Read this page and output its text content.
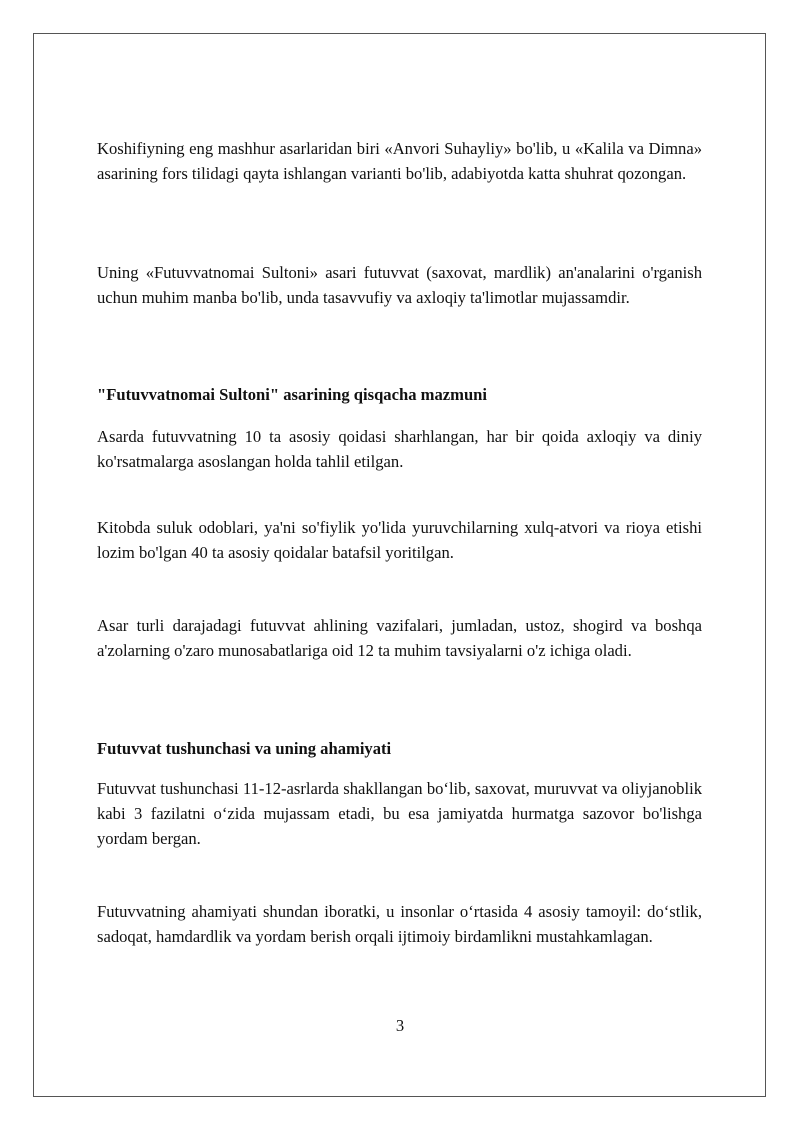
Koshifiyning eng mashhur asarlaridan biri «Anvori Suhayliy» bo'lib, u «Kalila va Dimna» asarining fors tilidagi qayta ishlangan varianti bo'lib, adabiyotda katta shuhrat qozongan.

Uning «Futuvvatnomai Sultoni» asari futuvvat (saxovat, mardlik) an'analarini o'rganish uchun muhim manba bo'lib, unda tasavvufiy va axloqiy ta'limotlar mujassamdir.

"Futuvvatnomai Sultoni" asarining qisqacha mazmuni

Asarda futuvvatning 10 ta asosiy qoidasi sharhlangan, har bir qoida axloqiy va diniy ko'rsatmalarga asoslangan holda tahlil etilgan.

Kitobda suluk odoblari, ya'ni so'fiylik yo'lida yuruvchilarning xulq-atvori va rioya etishi lozim bo'lgan 40 ta asosiy qoidalar batafsil yoritilgan.

Asar turli darajadagi futuvvat ahlining vazifalari, jumladan, ustoz, shogird va boshqa a'zolarning o'zaro munosabatlariga oid 12 ta muhim tavsiyalarni o'z ichiga oladi.

Futuvvat tushunchasi va uning ahamiyati

Futuvvat tushunchasi 11-12-asrlarda shakllangan bo‘lib, saxovat, muruvvat va oliyjanoblik kabi 3 fazilatni o‘zida mujassam etadi, bu esa jamiyatda hurmatga sazovor bo'lishga yordam bergan.

Futuvvatning ahamiyati shundan iboratki, u insonlar o‘rtasida 4 asosiy tamoyil: do‘stlik, sadoqat, hamdardlik va yordam berish orqali ijtimoiy birdamlikni mustahkamlagan.

3
